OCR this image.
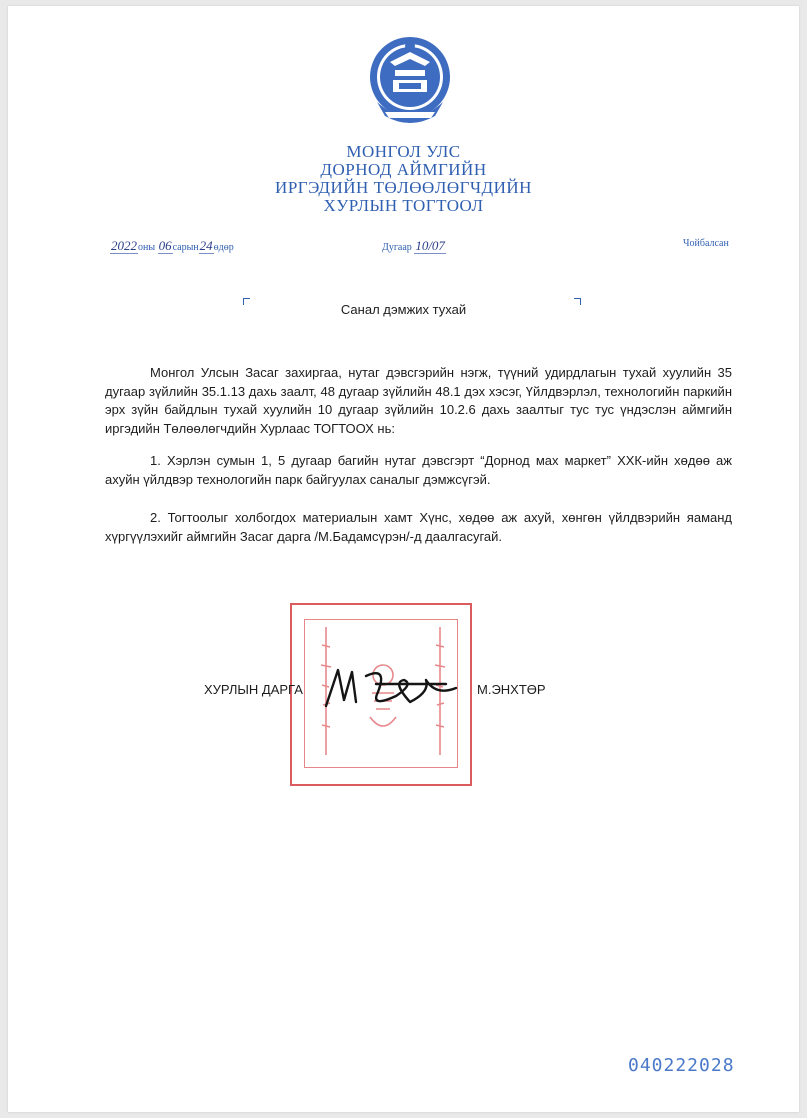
МОНГОЛ УЛС
ДОРНОД АЙМГИЙН
ИРГЭДИЙН ТӨЛӨӨЛӨГЧДИЙН
ХУРЛЫН ТОГТООЛ
2022оны 06сарын24өдөр	Дугаар 10/07	Чойбалсан
Санал дэмжих тухай

Монгол Улсын Засаг захиргаа, нутаг дэвсгэрийн нэгж, түүний удирдлагын тухай хуулийн 35 дугаар зүйлийн 35.1.13 дахь заалт, 48 дугаар зүйлийн 48.1 дэх хэсэг, Үйлдвэрлэл, технологийн паркийн эрх зүйн байдлын тухай хуулийн 10 дугаар зүйлийн 10.2.6 дахь заалтыг тус тус үндэслэн аймгийн иргэдийн Төлөөлөгчдийн Хурлаас ТОГТООХ нь:

1. Хэрлэн сумын 1, 5 дугаар багийн нутаг дэвсгэрт “Дорнод мах маркет” ХХК-ийн хөдөө аж ахуйн үйлдвэр технологийн парк байгуулах саналыг дэмжсүгэй.

2. Тогтоолыг холбогдох материалын хамт Хүнс, хөдөө аж ахуй, хөнгөн үйлдвэрийн яаманд хүргүүлэхийг аймгийн Засаг дарга /М.Бадамсүрэн/-д даалгасугай.

ХУРЛЫН ДАРГА	М.ЭНХТӨР
040222028
